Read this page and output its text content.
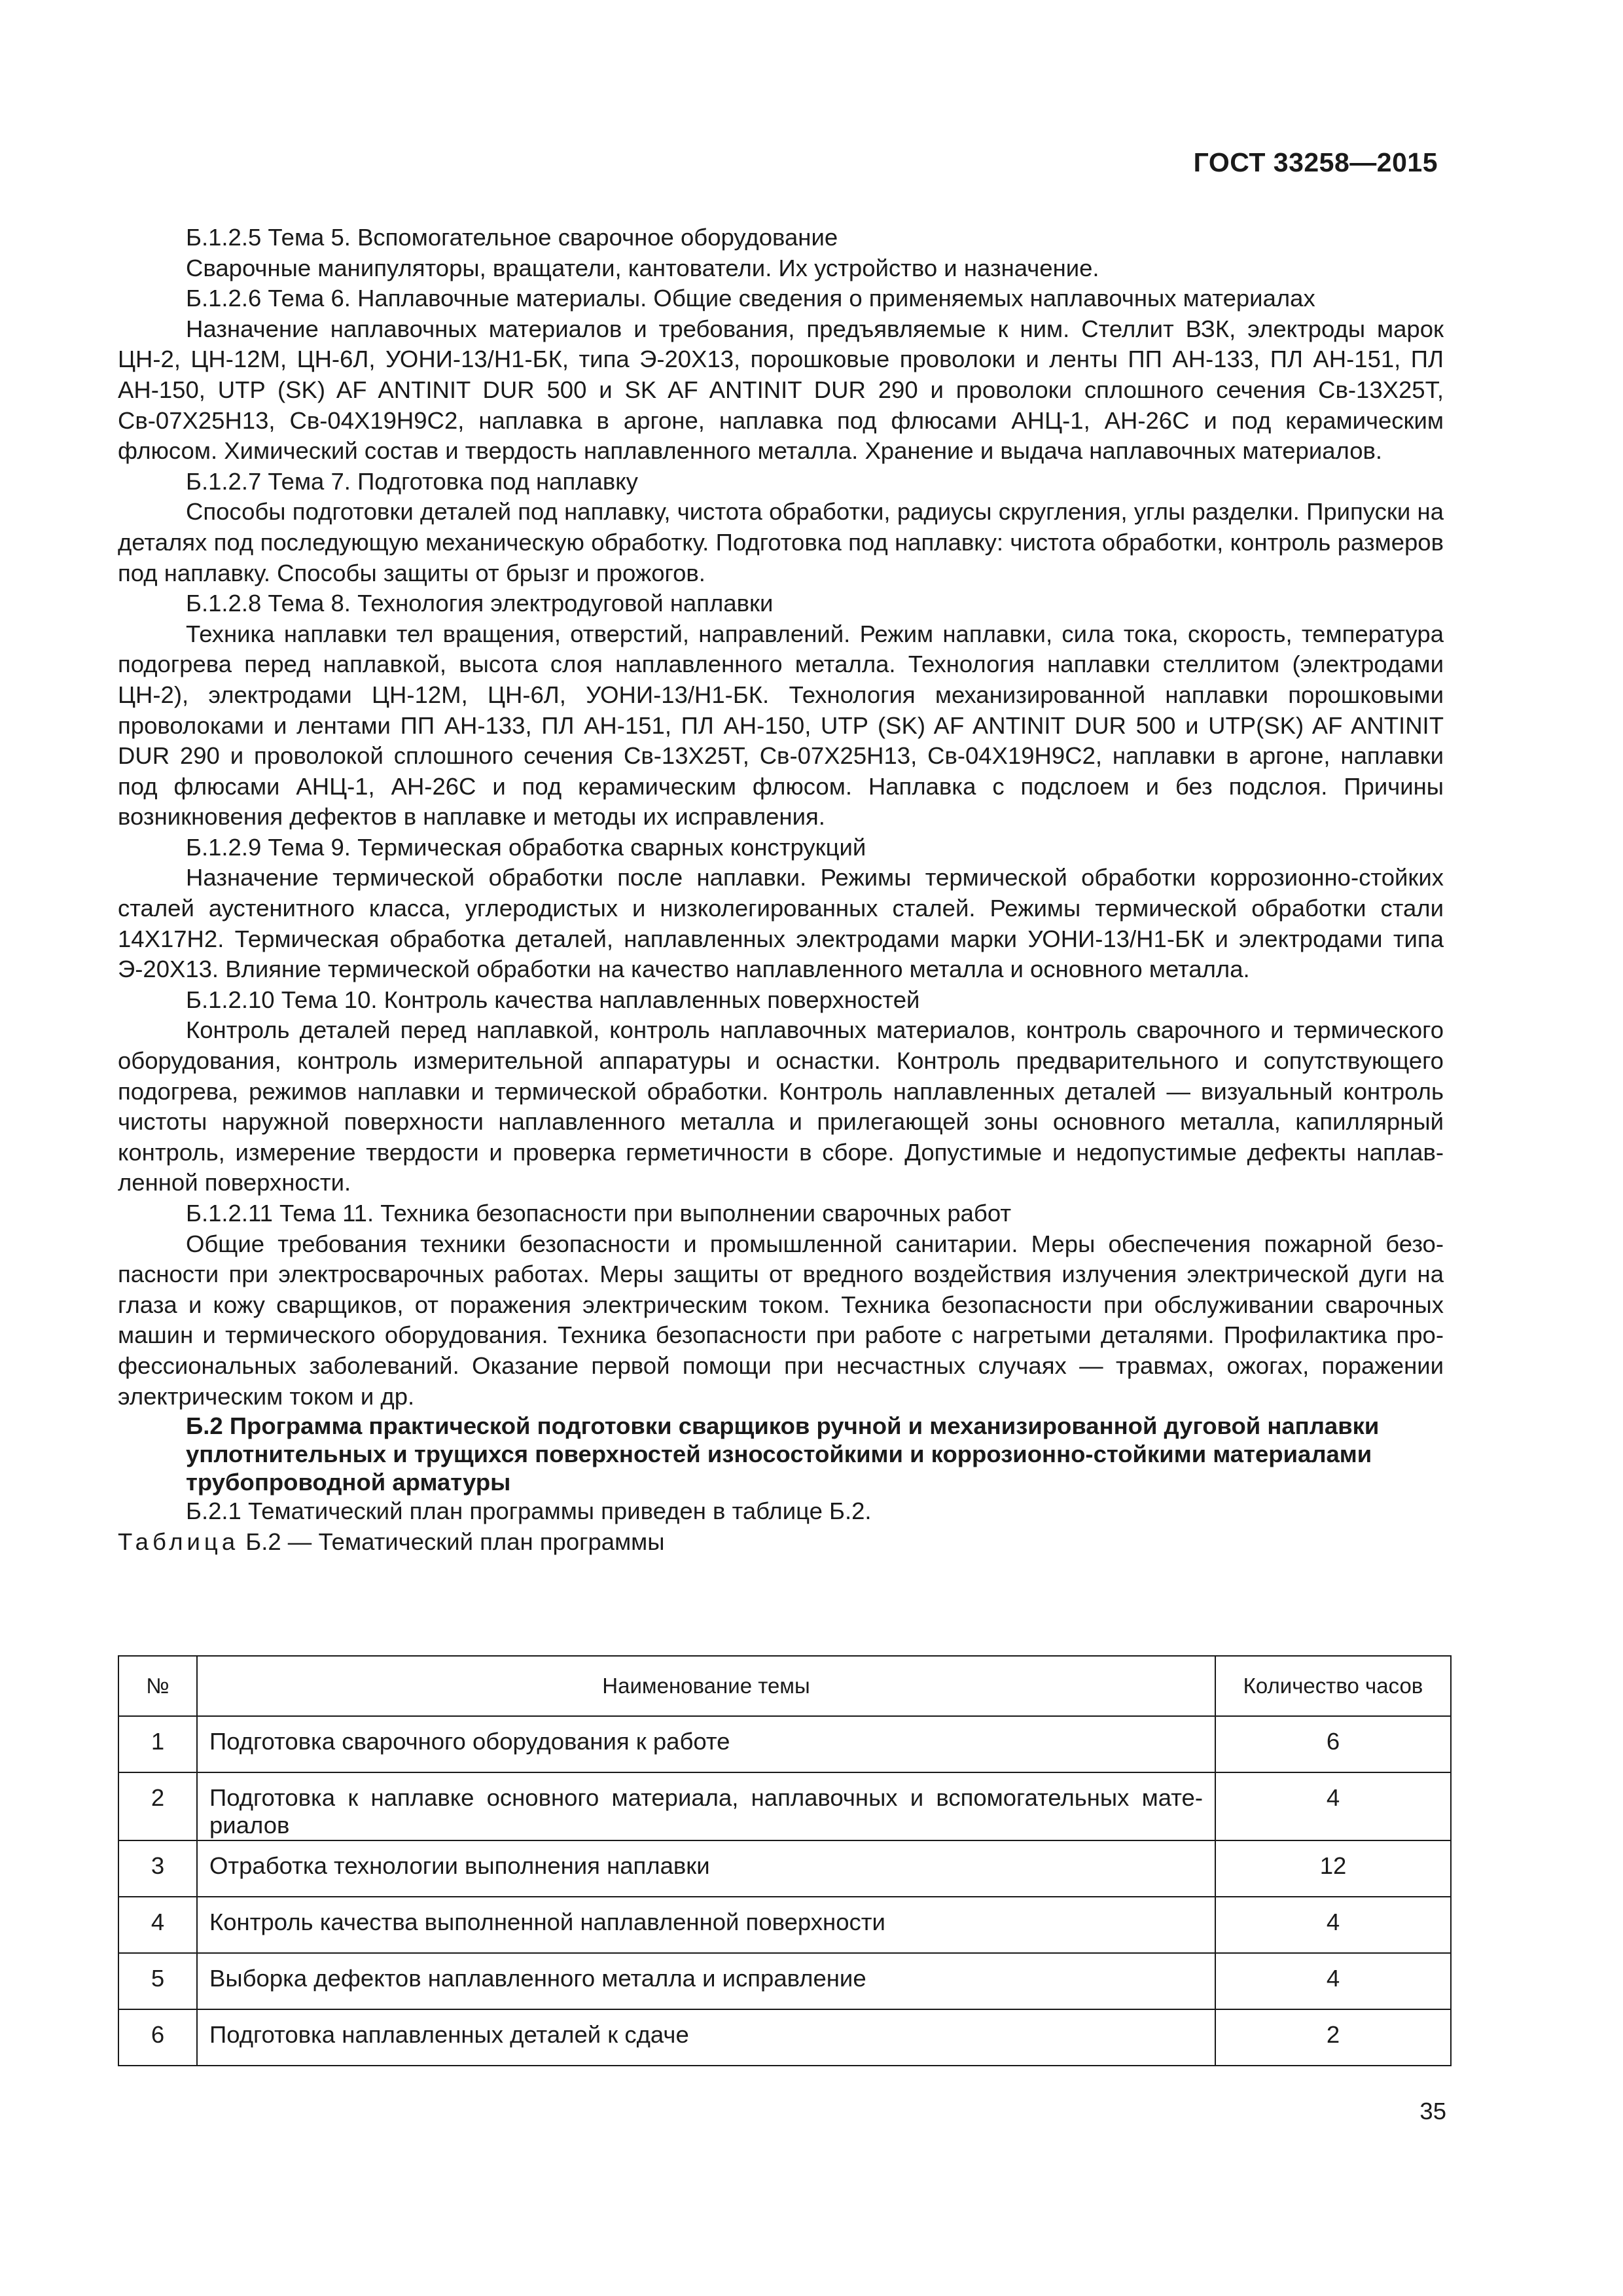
ГОСТ 33258—2015

Б.1.2.5 Тема 5. Вспомогательное сварочное оборудование

Сварочные манипуляторы, вращатели, кантователи. Их устройство и назначение.

Б.1.2.6 Тема 6. Наплавочные материалы. Общие сведения о применяемых наплавочных материалах

Назначение наплавочных материалов и требования, предъявляемые к ним. Стеллит ВЗК, электроды марок ЦН-2, ЦН-12М, ЦН-6Л, УОНИ-13/Н1-БК, типа Э-20Х13, порошковые проволоки и ленты ПП АН-133, ПЛ АН-151, ПЛ АН-150, UTP (SK) AF ANTINIT DUR 500 и SK AF ANTINIT DUR 290 и проволоки сплошного сечения Св-13Х25Т, Св-07Х25Н13, Св-04Х19Н9С2, наплавка в аргоне, наплавка под флюсами АНЦ-1, АН-26С и под керамическим флюсом. Химический состав и твердость наплавленного металла. Хранение и выдача наплавочных материалов.

Б.1.2.7 Тема 7. Подготовка под наплавку

Способы подготовки деталей под наплавку, чистота обработки, радиусы скругления, углы разделки. Припуски на деталях под последующую механическую обработку. Подготовка под наплавку: чистота обработки, контроль размеров под наплавку. Способы защиты от брызг и прожогов.

Б.1.2.8 Тема 8. Технология электродуговой наплавки

Техника наплавки тел вращения, отверстий, направлений. Режим наплавки, сила тока, скорость, температура подогрева перед наплавкой, высота слоя наплавленного металла. Технология наплавки стеллитом (электродами ЦН-2), электродами ЦН-12М, ЦН-6Л, УОНИ-13/Н1-БК. Технология механизированной наплавки порошковыми проволоками и лентами ПП АН-133, ПЛ АН-151, ПЛ АН-150, UTP (SK) AF ANTINIT DUR 500 и UTP(SK) AF ANTINIT DUR 290 и проволокой сплошного сечения Св-13Х25Т, Св-07Х25Н13, Св-04Х19Н9С2, наплавки в аргоне, наплавки под флюсами АНЦ-1, АН-26С и под керамическим флюсом. Наплавка с подслоем и без подслоя. Причины возникновения дефектов в наплавке и методы их исправления.

Б.1.2.9 Тема 9. Термическая обработка сварных конструкций

Назначение термической обработки после наплавки. Режимы термической обработки коррозионно-стойких сталей аустенитного класса, углеродистых и низколегированных сталей. Режимы термической обработки стали 14Х17Н2. Термическая обработка деталей, наплавленных электродами марки УОНИ-13/Н1-БК и электродами типа Э-20Х13. Влияние термической обработки на качество наплавленного металла и основного металла.

Б.1.2.10 Тема 10. Контроль качества наплавленных поверхностей

Контроль деталей перед наплавкой, контроль наплавочных материалов, контроль сварочного и термического оборудования, контроль измерительной аппаратуры и оснастки. Контроль предварительного и сопутствующего подогрева, режимов наплавки и термической обработки. Контроль наплавленных деталей — визуальный контроль чистоты наружной поверхности наплавленного металла и прилегающей зоны основного металла, капиллярный контроль, измерение твердости и проверка герметичности в сборе. Допустимые и недопустимые дефекты наплавленной поверхности.

Б.1.2.11 Тема 11. Техника безопасности при выполнении сварочных работ

Общие требования техники безопасности и промышленной санитарии. Меры обеспечения пожарной безопасности при электросварочных работах. Меры защиты от вредного воздействия излучения электрической дуги на глаза и кожу сварщиков, от поражения электрическим током. Техника безопасности при обслуживании сварочных машин и термического оборудования. Техника безопасности при работе с нагретыми деталями. Профилактика профессиональных заболеваний. Оказание первой помощи при несчастных случаях — травмах, ожогах, поражении электрическим током и др.

Б.2 Программа практической подготовки сварщиков ручной и механизированной дуговой наплавки уплотнительных и трущихся поверхностей износостойкими и коррозионно-стойкими материалами трубопроводной арматуры

Б.2.1 Тематический план программы приведен в таблице Б.2.

Таблица Б.2 — Тематический план программы

№	Наименование темы	Количество часов
1	Подготовка сварочного оборудования к работе	6
2	Подготовка к наплавке основного материала, наплавочных и вспомогательных материалов	4
3	Отработка технологии выполнения наплавки	12
4	Контроль качества выполненной наплавленной поверхности	4
5	Выборка дефектов наплавленного металла и исправление	4
6	Подготовка наплавленных деталей к сдаче	2
35
